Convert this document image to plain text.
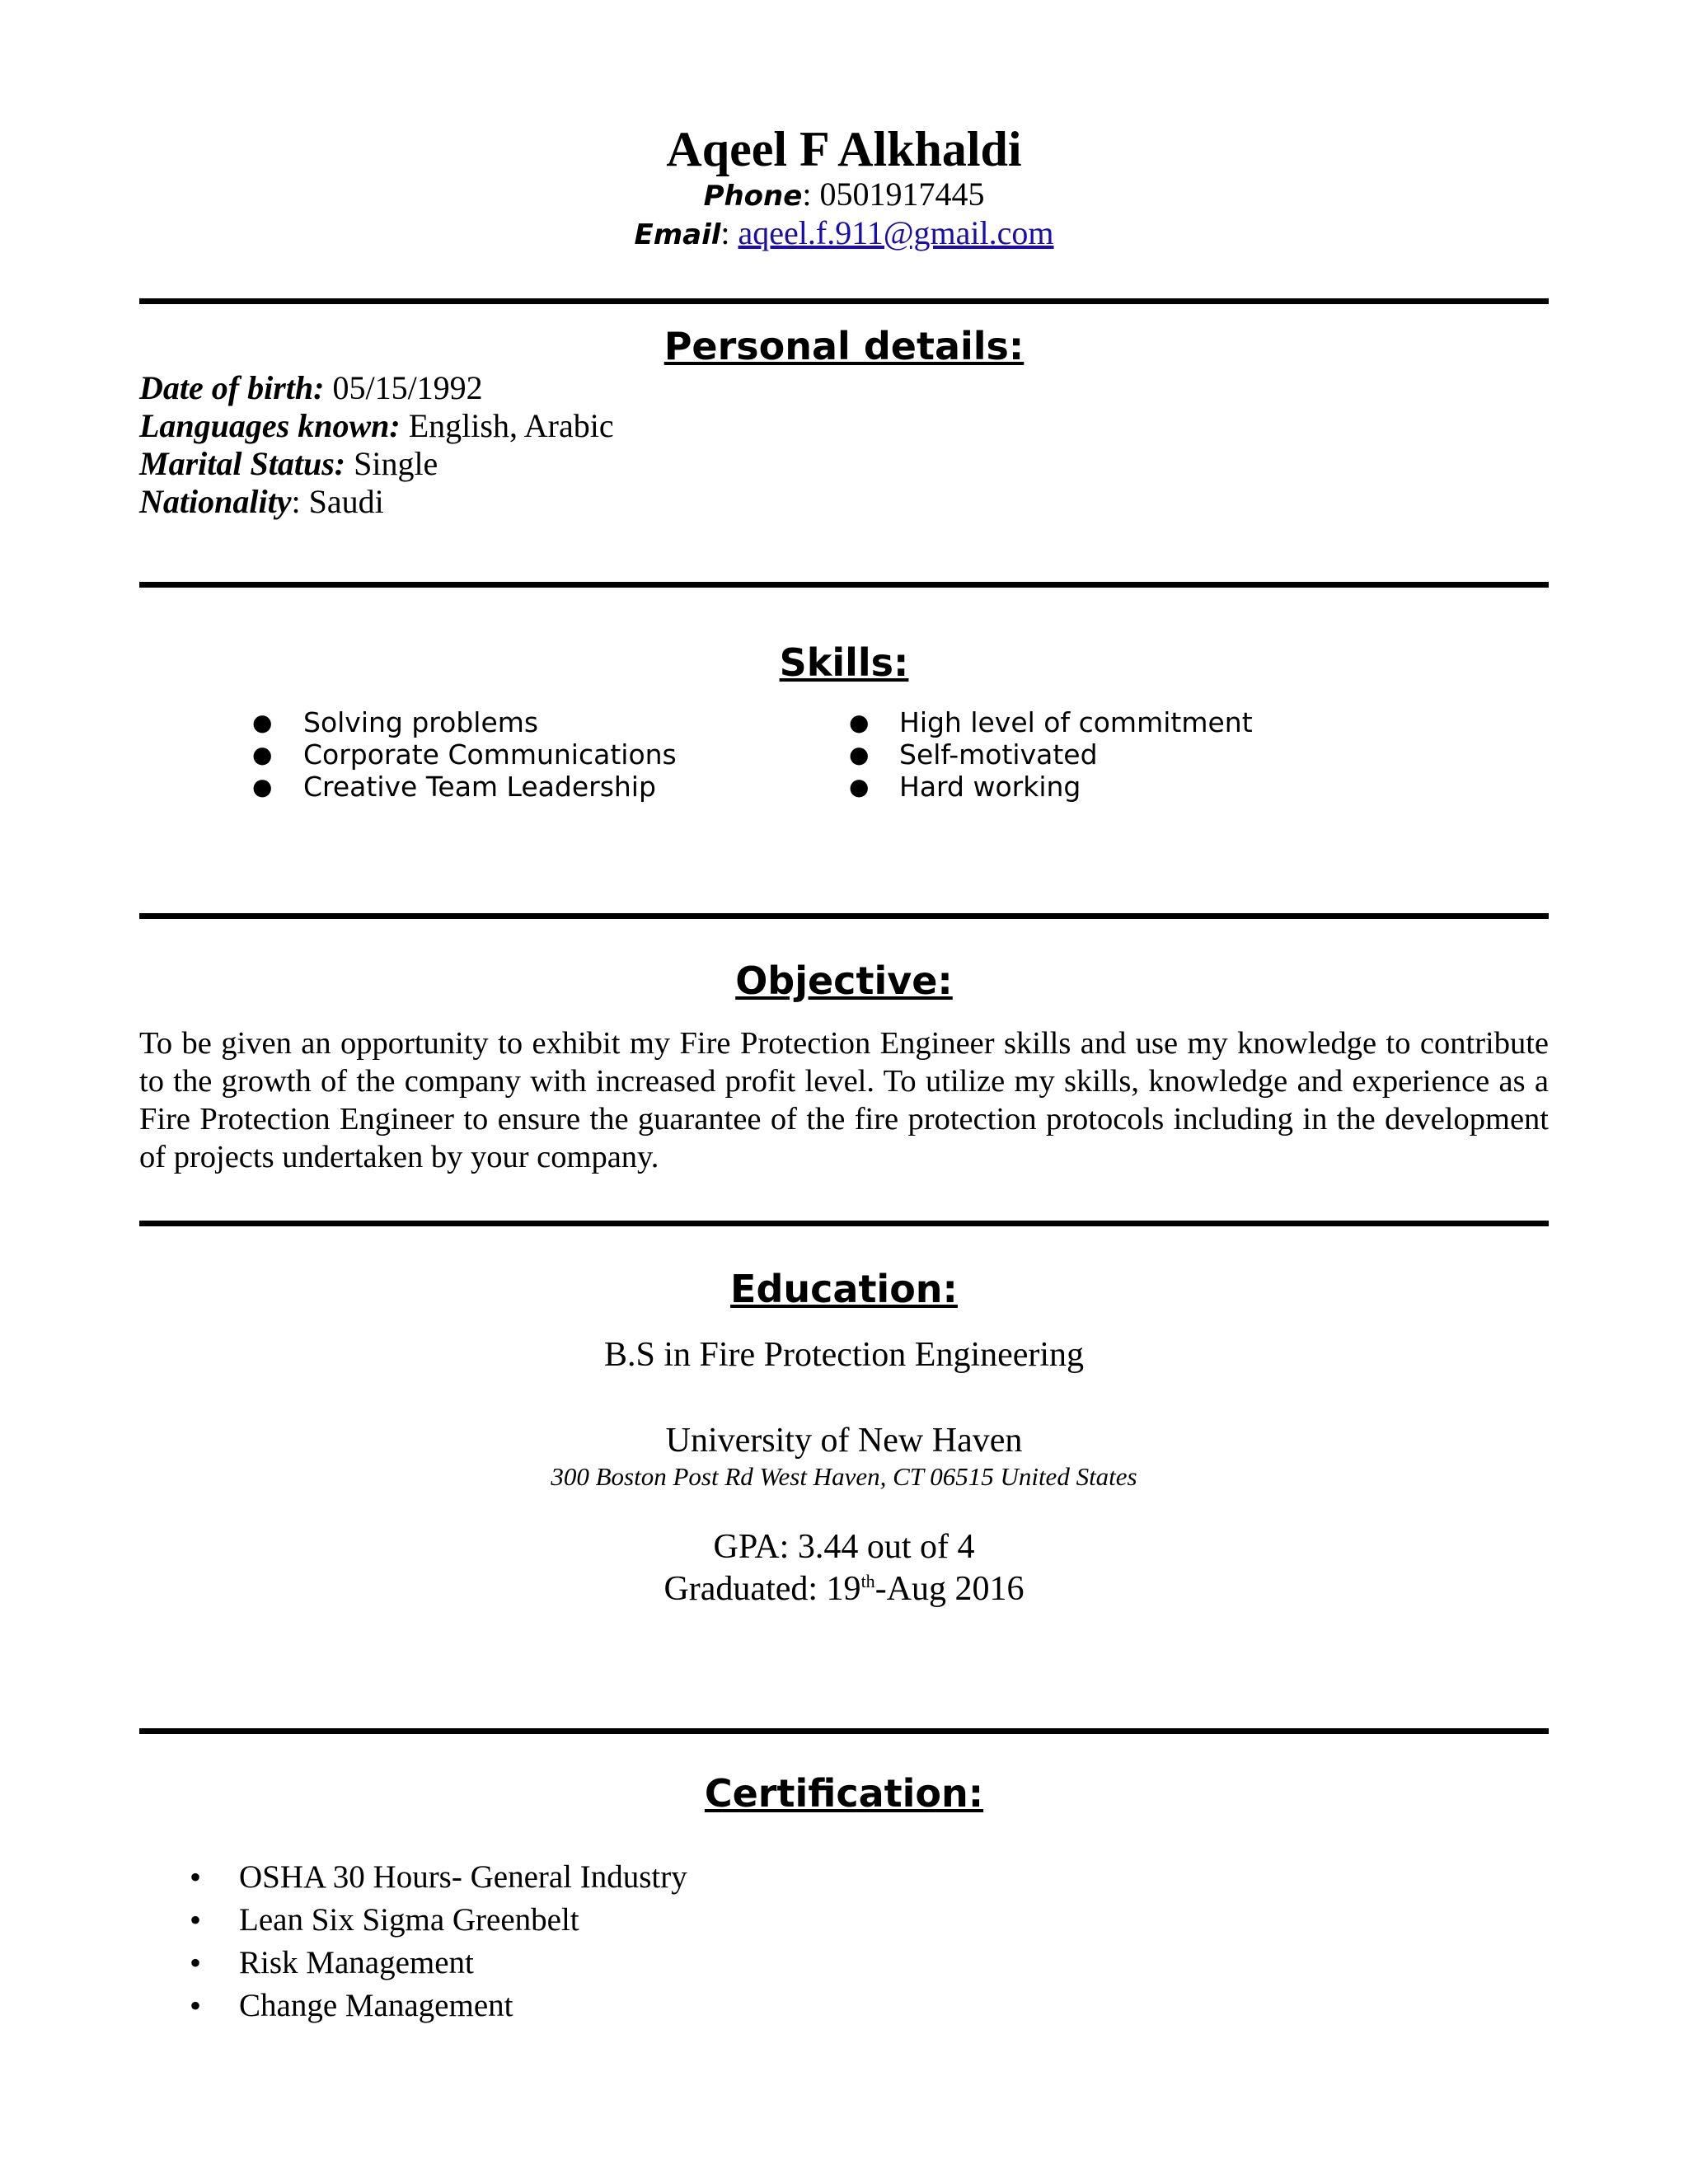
Aqeel F Alkhaldi
Phone: 0501917445
Email: aqeel.f.911@gmail.com
Personal details:
Date of birth: 05/15/1992
Languages known: English, Arabic
Marital Status: Single
Nationality: Saudi
Skills:
● Solving problems
● Corporate Communications
● Creative Team Leadership
● High level of commitment
● Self-motivated
● Hard working
Objective:
To be given an opportunity to exhibit my Fire Protection Engineer skills and use my knowledge to contribute to the growth of the company with increased profit level. To utilize my skills, knowledge and experience as a Fire Protection Engineer to ensure the guarantee of the fire protection protocols including in the development of projects undertaken by your company.
Education:
B.S in Fire Protection Engineering
University of New Haven
300 Boston Post Rd West Haven, CT 06515 United States
GPA: 3.44 out of 4
Graduated: 19th-Aug 2016
Certification:
• OSHA 30 Hours- General Industry
• Lean Six Sigma Greenbelt
• Risk Management
• Change Management
